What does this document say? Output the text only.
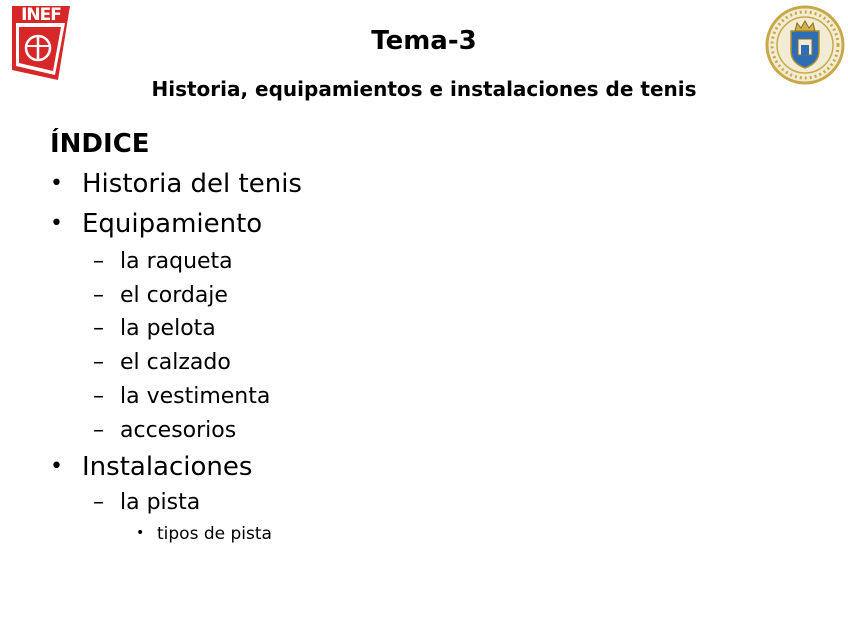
INEF
Tema-3
Historia, equipamientos e instalaciones de tenis
ÍNDICE
• Historia del tenis
• Equipamiento
– la raqueta
– el cordaje
– la pelota
– el calzado
– la vestimenta
– accesorios
• Instalaciones
– la pista
• tipos de pista
